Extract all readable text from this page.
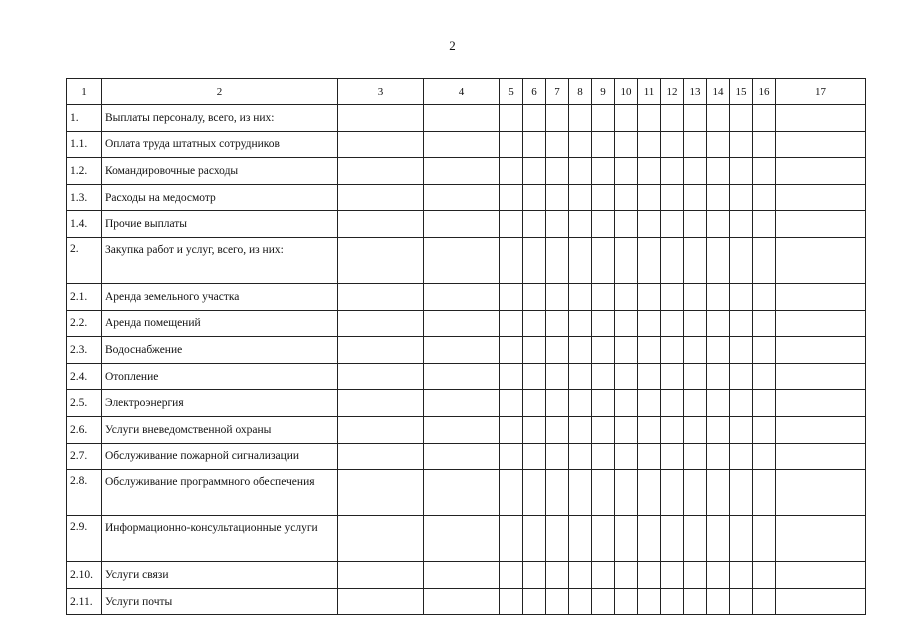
2
1	2	3	4	5	6	7	8	9	10	11	12	13	14	15	16	17
1.	Выплаты персоналу, всего, из них:															
1.1.	Оплата труда штатных сотрудников															
1.2.	Командировочные расходы															
1.3.	Расходы на медосмотр															
1.4.	Прочие выплаты															
2.	Закупка работ и услуг, всего, из них:															
2.1.	Аренда земельного участка															
2.2.	Аренда помещений															
2.3.	Водоснабжение															
2.4.	Отопление															
2.5.	Электроэнергия															
2.6.	Услуги вневедомственной охраны															
2.7.	Обслуживание пожарной сигнализации															
2.8.	Обслуживание программного обеспечения															
2.9.	Информационно-консультационные услуги															
2.10.	Услуги связи															
2.11.	Услуги почты															
